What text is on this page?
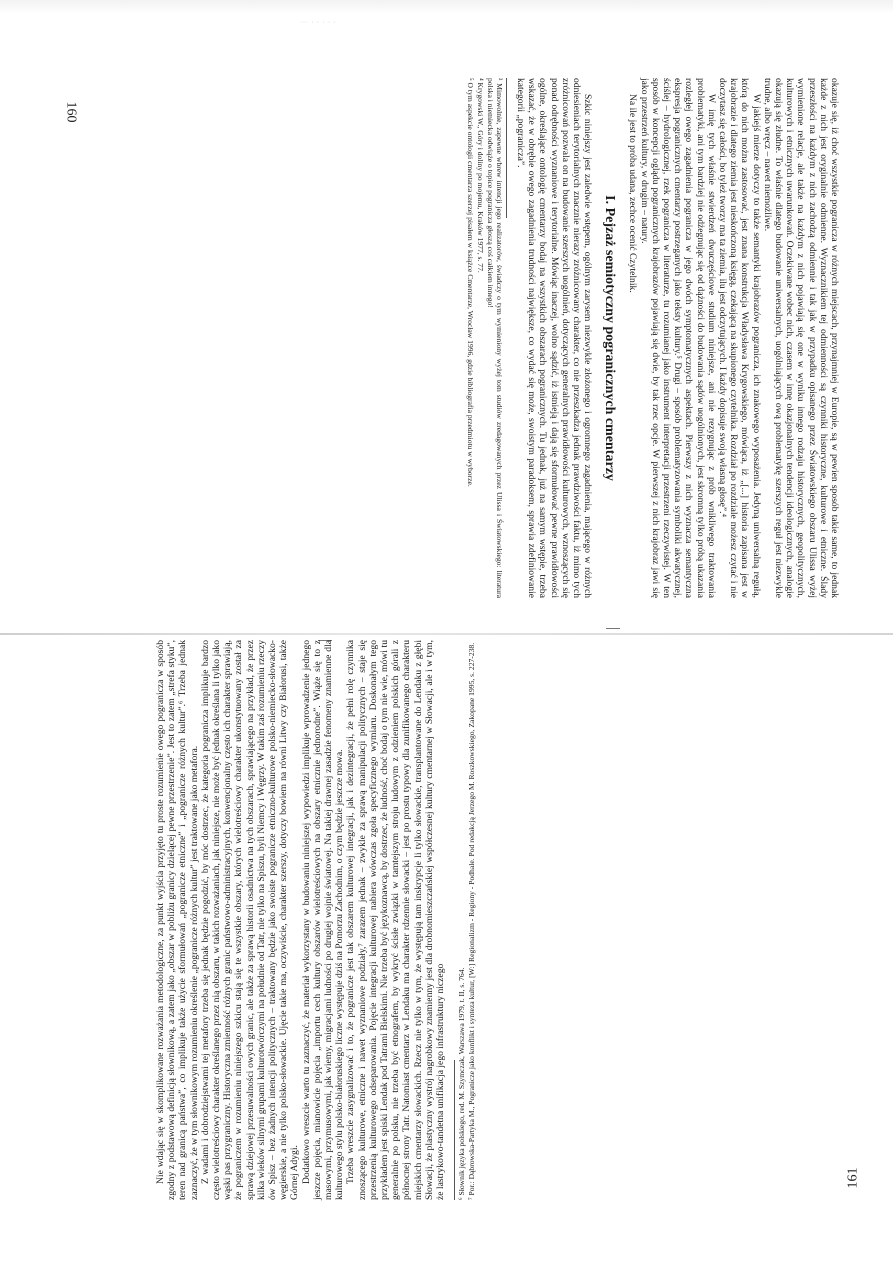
··· · · · · ·

okazuje się, iż choć wszystkie pogranicza w różnych miejscach, przynajmniej w Europie, są w pewien sposób takie same, to jednak każde z nich jest oryginalnie odmienne. Wyznacznikiem tej odmienności są czynniki historyczne, kulturowe i etniczne. Ślady przeszłości na każdym z nich zachodzą odmiennie i tak jak w przypadku opisanego przez Światowskiego obszaru Ulissa wyżej wymienione relacje, ale także na każdym z nich pojawiają się one w wyniku innego rodzaju historycznych, geopolitycznych, kulturowych i etnicznych uwarunkowań. Oczekiwane wobec nich, czasem w innę okazjonalnych tendencji ideologicznych, analogie okazują się złudne. To właśnie dlatego budowanie uniwersalnych, uogólniających ową problematykę szerszych reguł jest niezwykle trudne, albo wręcz – nawet niemożliwe.

W jakiejś mierze dotyczy to także semantyki krajobrazów pogranicza, ich znakowego wyposażenia. Jedyną uniwersalną regułą, którą do nich można zastosować, jest znana konstrukcja Władysława Krygowskiego, mówiąca, iż „[...] historia zapisana jest w krajobrazie i dlatego ziemia jest nieskończoną księgą, czekającą na skupionego czytelnika. Rozdział po rozdziale możesz czytać i nie doczytasz się całości, bo tyleż tworzy ma ta ziemia, ilu jest odczytujących. I każdy dopisuje swoją własną głosę”.⁴

W imię tych właśnie stwierdzeń dwuczęściowe studium niniejsze, ani nie rezygnując z prób wnikliwego traktowania problematyki, ani tym bardziej nie odżegnując się od dążności do budowania sądów uogólnionych, jest skromną tylko próbą ukazania rozległej owego zagadnienia pogranicza w jego dwóch symptomatycznych aspektach. Pierwszy z nich wyznacza semantyczna ekspresja pogranicznych cmentarzy postrzeganych jako teksty kultury.⁵ Drugi – sposób problematyzowania symboliki akwatycznej, ściślej – hydrologicznej, rzek pogranicza w literaturze, tu rozumianej jako instrument interpretacji przestrzeni rzeczywistej. W ten sposób w koncepcji oglądu pogranicznych krajobrazów pojawiają się dwie, by tak rzec opcje. W pierwszej z nich krajobraz jawi się jako przestrzeń kultury, w drugim – natury.

Na ile jest to próba udana, zechce ocenić Czytelnik.

I. Pejzaż semiotyczny pogranicznych cmentarzy

Szkic niniejszy jest zaledwie wstępem, ogólnym zarysem niezwykle złożonego i ogromnego zagadnienia, mającego w różnych odniesieniach terytorialnych znacznie nierazy zróżnicowany charakter, co nie przeszkadza jednak prawdziwości faktu, iż mimo tych zróżnicowań pozwala on na budowanie szerszych uogólnień, dotyczących generalnych prawidłowości kulturowych, wznoszących się ponad odrębności wyznaniowe i terytorialne. Mówiąc inaczej, wolno sądzić, iż istnieją i dają się sformułować pewne prawidłowości ogólne, określające ontologię cmentarzy bodaj na wszystkich obszarach pogranicznych. Tu jednak, już na samym wstępie, trzeba wskazać, że w obrębie owego zagadnienia trudności największe, co wydać się może, swoistym paradoksem, sprawia zdefiniowanie kategorii „pogranicza”.

³ Mimowolnie, zapewne wbrew intencji jego realizatorów, świadczy o tym wymieniony wyżej tom studiów zredagowanych przez Ulissa i Światowskiego: literatura polska i niemiecka odwiąże o topice pogranicza głoszą coś całkiem innego!

⁴ Krygowski W., Góry i doliny po mojemu, Kraków 1977, s. 77.

⁵ O tym aspekcie ontologii cmentarza szerzej pisałem w książce Cmentarze, Wrocław 1996, gdzie bibliografia przedmiotu w wyborze.

160

Nie wdając się w skomplikowane rozważania metodologiczne, za punkt wyjścia przyjęto tu proste rozumienie owego pogranicza w sposób zgodny z podstawową definicją słownikową, a zatem jako „obszar w pobliżu granicy dzielącej pewne przestrzenie”. Jest to zatem „strefa styku”, teren nad granicą państwa”, co implikuje także użycie sformułowań „pogranicze etniczne” i „pogranicze różnych kultur”.⁶ Trzeba jednak zaznaczyć, że w tym słownikowym rozumieniu określenie „pogranicze różnych kultur” jest traktowane jako metafora. Z wadami i dobrodziejstwami tej metafory trzeba się jednak będzie pogodzić, by móc dostrzec, że kategoria pogranicza implikuje bardzo często wielotreściowy charakter określanego przez nią obszaru, w takich rozważaniach, jak niniejsze, nie może być jednak określana li tylko jako wąski pas przygraniczny. Historyczna zmienność różnych granic państwowo-administracyjnych, konwencjonalny często ich charakter sprawiają, że pograniczem w rozumieniu niniejszego szkicu stają się te wszystkie obszary, których wielotreściowy charakter ukonstytuowany został za sprawą dziejowej przesuwalności owych granic, ale także za sprawą historii osadnictwa na tych obszarach, sprawiającego na przykład, że przez kilka wieków silnymi grupami kulturotwórczymi na południe od Tatr, nie tylko na Spiszu, byli Niemcy i Węgrzy. W takim zaś rozumieniu rzeczy ów Spisz – bez żadnych intencji politycznych – traktowany będzie jako swoiste pogranicze etniczno-kulturowe polsko-niemiecko-słowacko-węgierskie, a nie tylko polsko-słowackie. Ujęcie takie ma, oczywiście, charakter szerszy, dotyczy bowiem na równi Litwy czy Białorusi, także Górnej Adygi. Dodatkowo wreszcie warto tu zaznaczyć, że materiał wykorzystany w budowaniu niniejszej wypowiedzi implikuje wprowadzenie jednego jeszcze pojęcia, mianowicie pojęcia „importu cech kultury obszarów wielotreściowych na obszary etnicznie jednorodne”. Wiąże się to z masowymi, przymusowymi, jak wiemy, migracjami ludności po drugiej wojnie światowej. Na takiej drawnej zasadzie fenomeny znamienne dla kulturowego stylu polsko-białoruskiego liczne występuje dziś na Pomorzu Zachodnim, o czym będzie jeszcze mowa. Trzeba wreszcie zasygnalizować i to, że pogranicze jest tak obszarem kulturowej integracji, jak i dezintegracji, że pełni rolę czynnika znoszącego kulturowe, etniczne i nawet wyznaniowe podziały,⁷ zarazem jednak – zwykle za sprawą manipulacji politycznych – staje się przestrzenią kulturowego odseparowania. Pojęcie integracji kulturowej nabiera wówczas zgoła specyficznego wymiaru. Doskonałym tego przykładem jest spiski Lendak pod Tatrami Bielskimi. Nie trzeba być językoznawcą, by dostrzec, że ludność, choć bodaj o tym nie wie, mówi tu generalnie po polsku, nie trzeba być etnografem, by wykryć ścisłe związki w tamtejszym stroju ludowym z odzieniem polskich górali z północnej strony Tatr. Natomiast cmentarz w Lendaku ma charakter rdzennie słowacki – jest po prostu typowy dla zunifikowanego charakteru miejskich cmentarzy słowackich. Rzecz nie tylko w tym, że występują tam inskrypcje li tylko słowackie, transplantowane do Lendaku z głębi Słowacji, że plastyczny wystrój nagrobkowy znamienny jest dla drobnomieszczańskiej współczesnej kultury cmentarnej w Słowacji, ale i w tym, że lastrykowo-tandetna unifikacja jego infrastruktury niczego ⁶ Słownik języka polskiego, red. M. Szymczak, Warszawa 1979, t. II, s. 764. ⁷ Por.: Dąbrowska-Partyka M., Pogranicze jako konflikt i synteza kultur, [W:] Regionalizm - Regiony - Podhale. Pod redakcją Jerzego M. Roszkowskiego, Zakopane 1995, s. 227-238.	161
